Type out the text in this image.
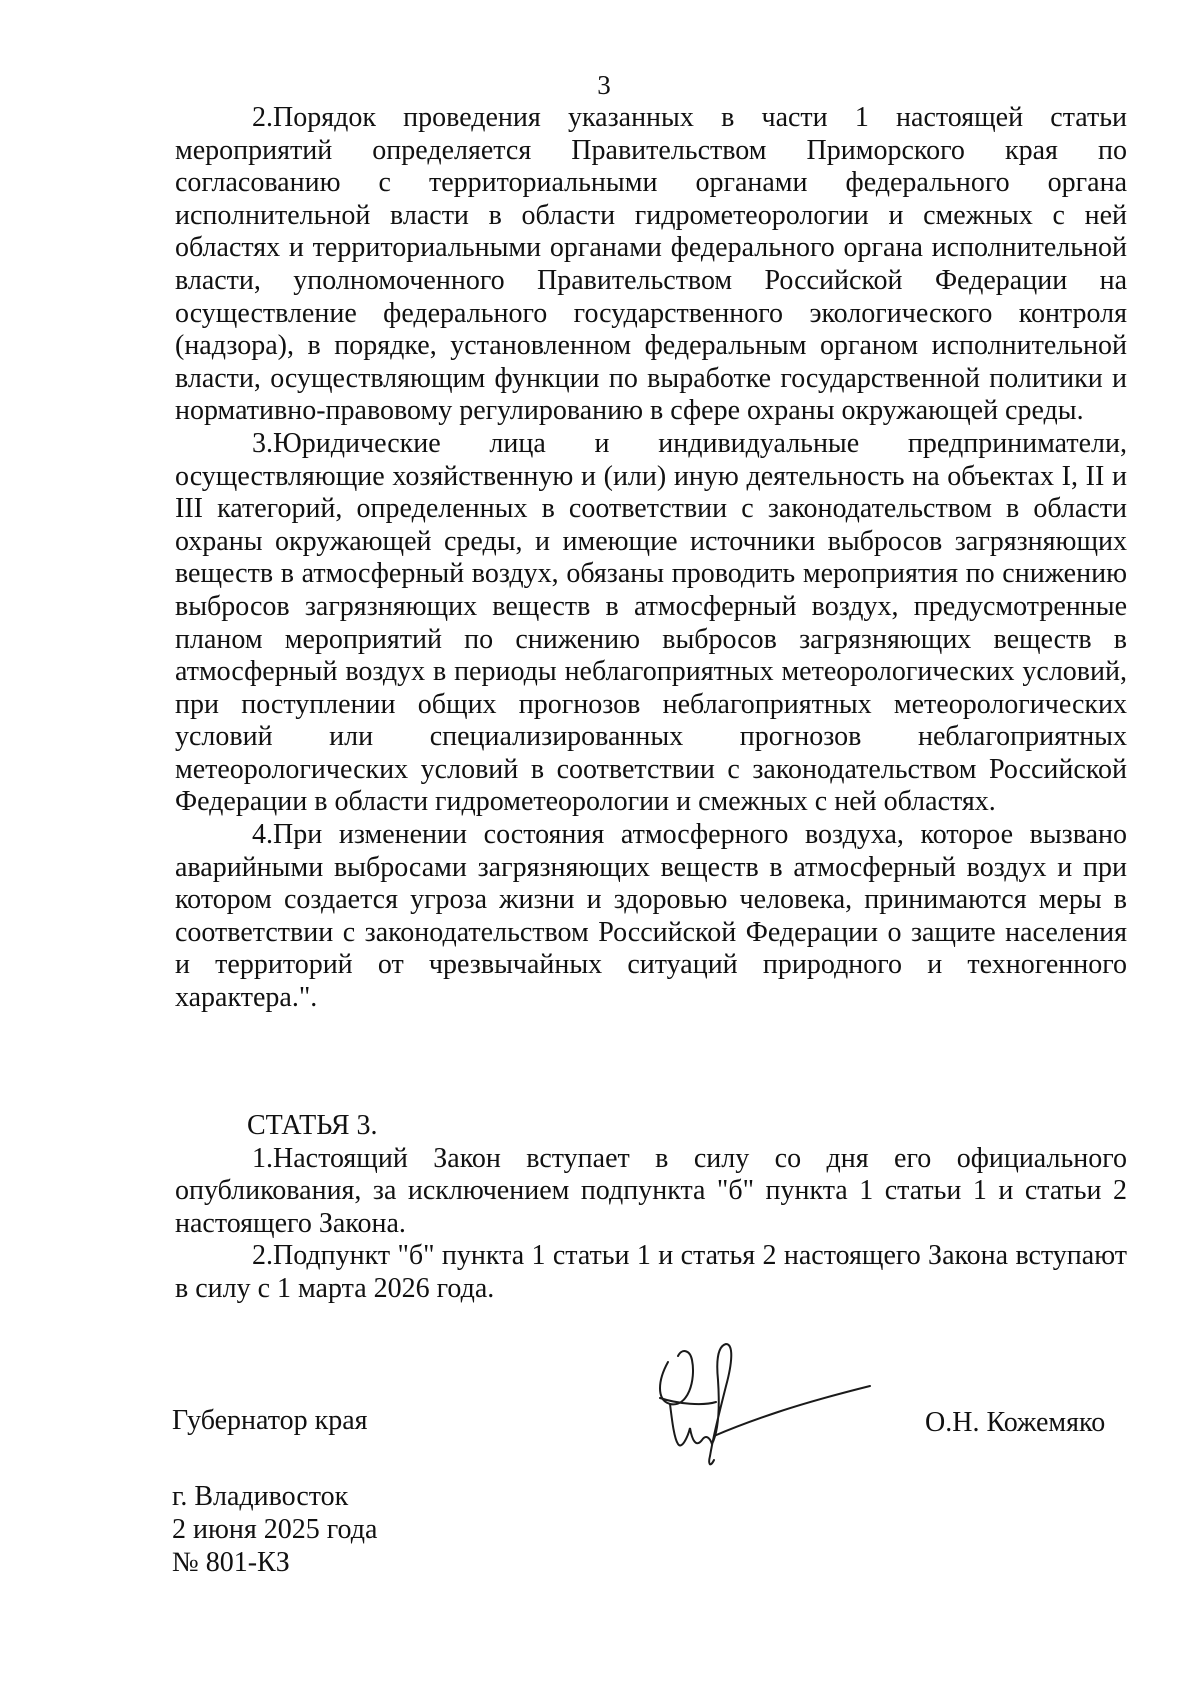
3

2.Порядок проведения указанных в части 1 настоящей статьи мероприятий определяется Правительством Приморского края по согласованию с территориальными органами федерального органа исполнительной власти в области гидрометеорологии и смежных с ней областях и территориальными органами федерального органа исполнительной власти, уполномоченного Правительством Российской Федерации на осуществление федерального государственного экологического контроля (надзора), в порядке, установленном федеральным органом исполнительной власти, осуществляющим функции по выработке государственной политики и нормативно-правовому регулированию в сфере охраны окружающей среды.

3.Юридические лица и индивидуальные предприниматели, осуществляющие хозяйственную и (или) иную деятельность на объектах I, II и III категорий, определенных в соответствии с законодательством в области охраны окружающей среды, и имеющие источники выбросов загрязняющих веществ в атмосферный воздух, обязаны проводить мероприятия по снижению выбросов загрязняющих веществ в атмосферный воздух, предусмотренные планом мероприятий по снижению выбросов загрязняющих веществ в атмосферный воздух в периоды неблагоприятных метеорологических условий, при поступлении общих прогнозов неблагоприятных метеорологических условий или специализированных прогнозов неблагоприятных метеорологических условий в соответствии с законодательством Российской Федерации в области гидрометеорологии и смежных с ней областях.

4.При изменении состояния атмосферного воздуха, которое вызвано аварийными выбросами загрязняющих веществ в атмосферный воздух и при котором создается угроза жизни и здоровью человека, принимаются меры в соответствии с законодательством Российской Федерации о защите населения и территорий от чрезвычайных ситуаций природного и техногенного характера.".

СТАТЬЯ 3.

1.Настоящий Закон вступает в силу со дня его официального опубликования, за исключением подпункта "б" пункта 1 статьи 1 и статьи 2 настоящего Закона.

2.Подпункт "б" пункта 1 статьи 1 и статья 2 настоящего Закона вступают в силу с 1 марта 2026 года.

Губернатор края	О.Н. Кожемяко
г. Владивосток
2 июня 2025 года
№ 801-КЗ
